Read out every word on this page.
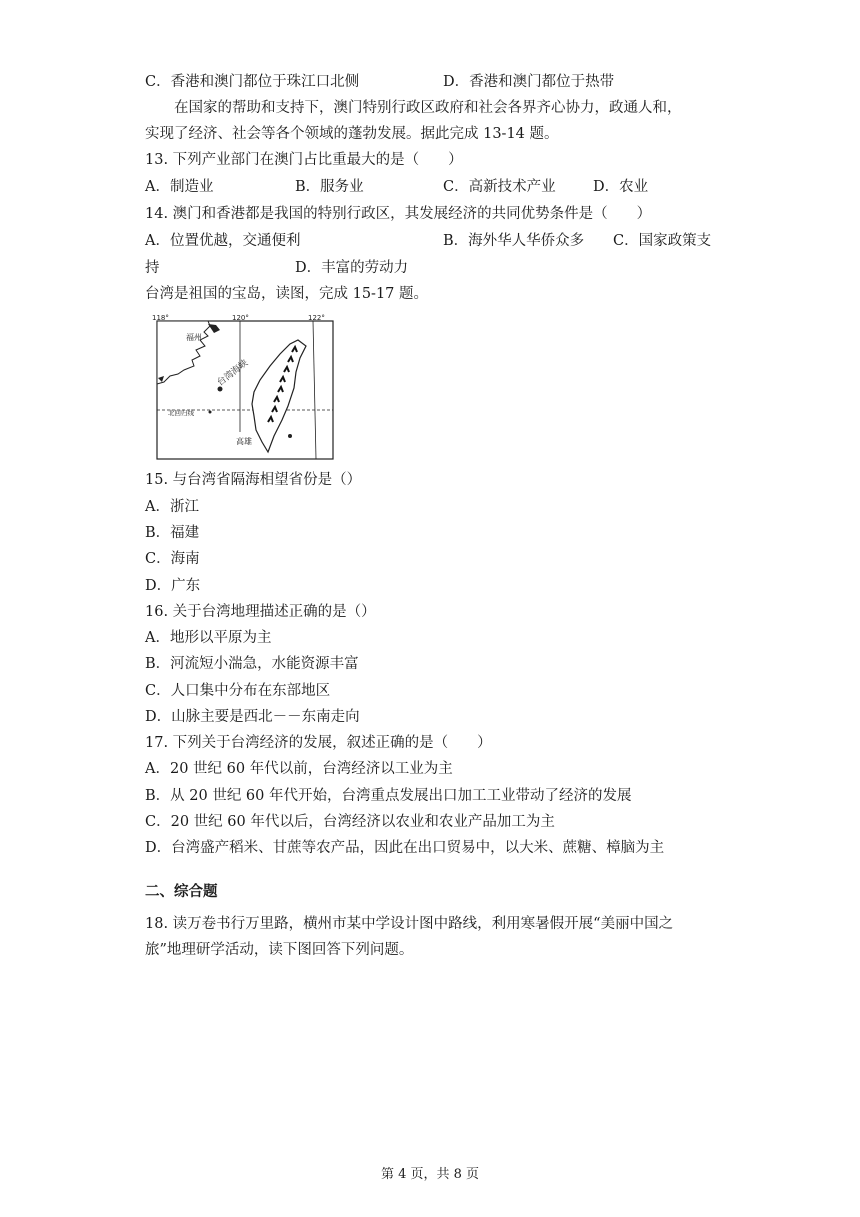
C．香港和澳门都位于珠江口北侧	D．香港和澳门都位于热带
在国家的帮助和支持下，澳门特别行政区政府和社会各界齐心协力，政通人和，
实现了经济、社会等各个领域的蓬勃发展。据此完成 13-14 题。
13. 下列产业部门在澳门占比重最大的是（　　）
A．制造业	B．服务业	C．高新技术产业	D．农业
14. 澳门和香港都是我国的特别行政区，其发展经济的共同优势条件是（　　）
A．位置优越，交通便利	B．海外华人华侨众多 C．国家政策支
持	D．丰富的劳动力
台湾是祖国的宝岛，读图，完成 15-17 题。
118°	120°	122°
福州
台湾海峡
北回归线
高雄
15. 与台湾省隔海相望省份是（）
A．浙江
B．福建
C．海南
D．广东
16. 关于台湾地理描述正确的是（）
A．地形以平原为主
B．河流短小湍急，水能资源丰富
C．人口集中分布在东部地区
D．山脉主要是西北－－东南走向
17. 下列关于台湾经济的发展，叙述正确的是（　　）
A．20 世纪 60 年代以前，台湾经济以工业为主
B．从 20 世纪 60 年代开始，台湾重点发展出口加工工业带动了经济的发展
C．20 世纪 60 年代以后，台湾经济以农业和农业产品加工为主
D．台湾盛产稻米、甘蔗等农产品，因此在出口贸易中，以大米、蔗糖、樟脑为主
二、综合题
18. 读万卷书行万里路，横州市某中学设计图中路线，利用寒暑假开展“美丽中国之
旅”地理研学活动，读下图回答下列问题。
第 4 页，共 8 页
